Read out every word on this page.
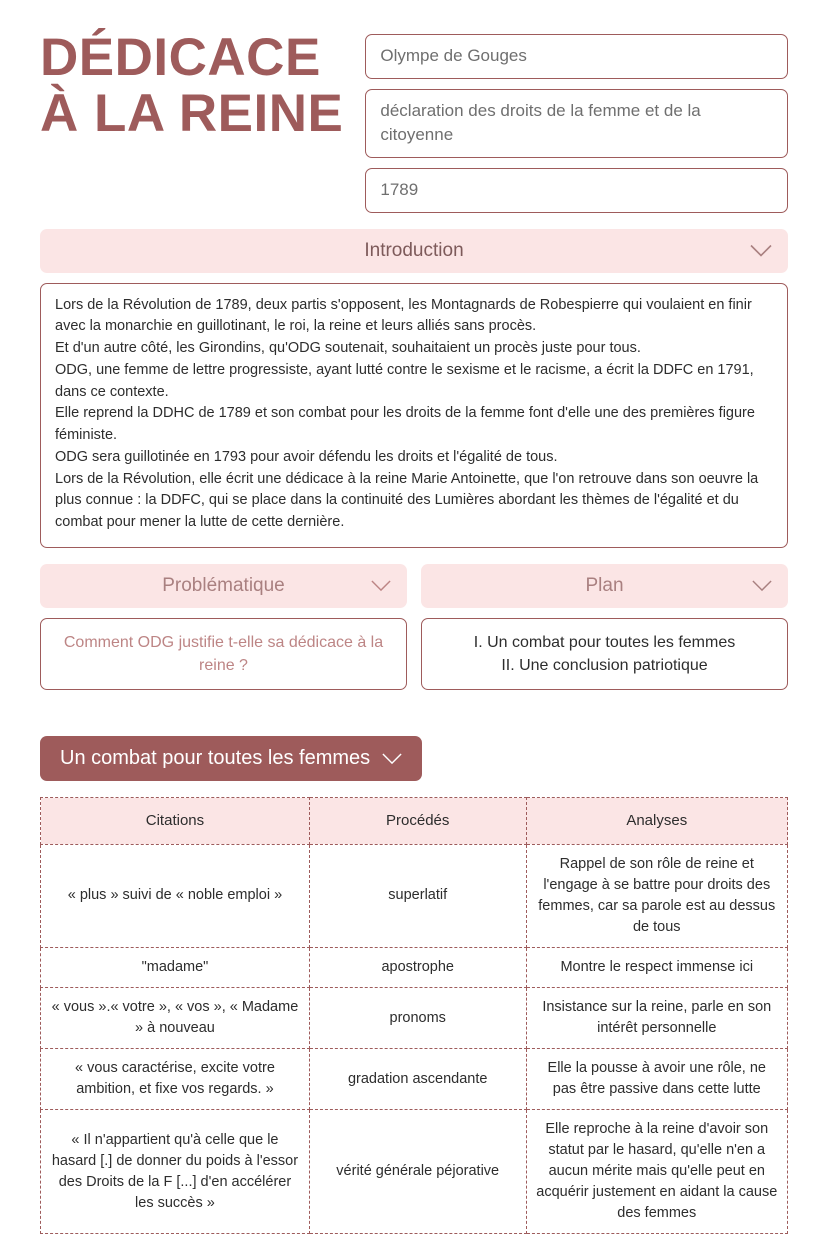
DÉDICACE
À LA REINE
Olympe de Gouges
déclaration des droits de la femme et de la citoyenne
1789
Introduction

Lors de la Révolution de 1789, deux partis s'opposent, les Montagnards de Robespierre qui voulaient en finir avec la monarchie en guillotinant, le roi, la reine et leurs alliés sans procès.

Et d'un autre côté, les Girondins, qu'ODG soutenait, souhaitaient un procès juste pour tous.

ODG, une femme de lettre progressiste, ayant lutté contre le sexisme et le racisme, a écrit la DDFC en 1791, dans ce contexte.

Elle reprend la DDHC de 1789 et son combat pour les droits de la femme font d'elle une des premières figure féministe.

ODG sera guillotinée en 1793 pour avoir défendu les droits et l'égalité de tous.

Lors de la Révolution, elle écrit une dédicace à la reine Marie Antoinette, que l'on retrouve dans son oeuvre la plus connue : la DDFC, qui se place dans la continuité des Lumières abordant les thèmes de l'égalité et du combat pour mener la lutte de cette dernière.

Problématique

Comment ODG justifie t-elle sa dédicace à la reine ?

Plan

I. Un combat pour toutes les femmes

II. Une conclusion patriotique

Un combat pour toutes les femmes
Citations	Procédés	Analyses
« plus » suivi de « noble emploi »	superlatif	Rappel de son rôle de reine et l'engage à se battre pour droits des femmes, car sa parole est au dessus de tous
"madame"	apostrophe	Montre le respect immense ici
« vous ».« votre », « vos », « Madame » à nouveau	pronoms	Insistance sur la reine, parle en son intérêt personnelle
« vous caractérise, excite votre ambition, et fixe vos regards. »	gradation ascendante	Elle la pousse à avoir une rôle, ne pas être passive dans cette lutte
« Il n'appartient qu'à celle que le hasard [.] de donner du poids à l'essor des Droits de la F [...] d'en accélérer les succès »	vérité générale péjorative	Elle reproche à la reine d'avoir son statut par le hasard, qu'elle n'en a aucun mérite mais qu'elle peut en acquérir justement en aidant la cause des femmes
